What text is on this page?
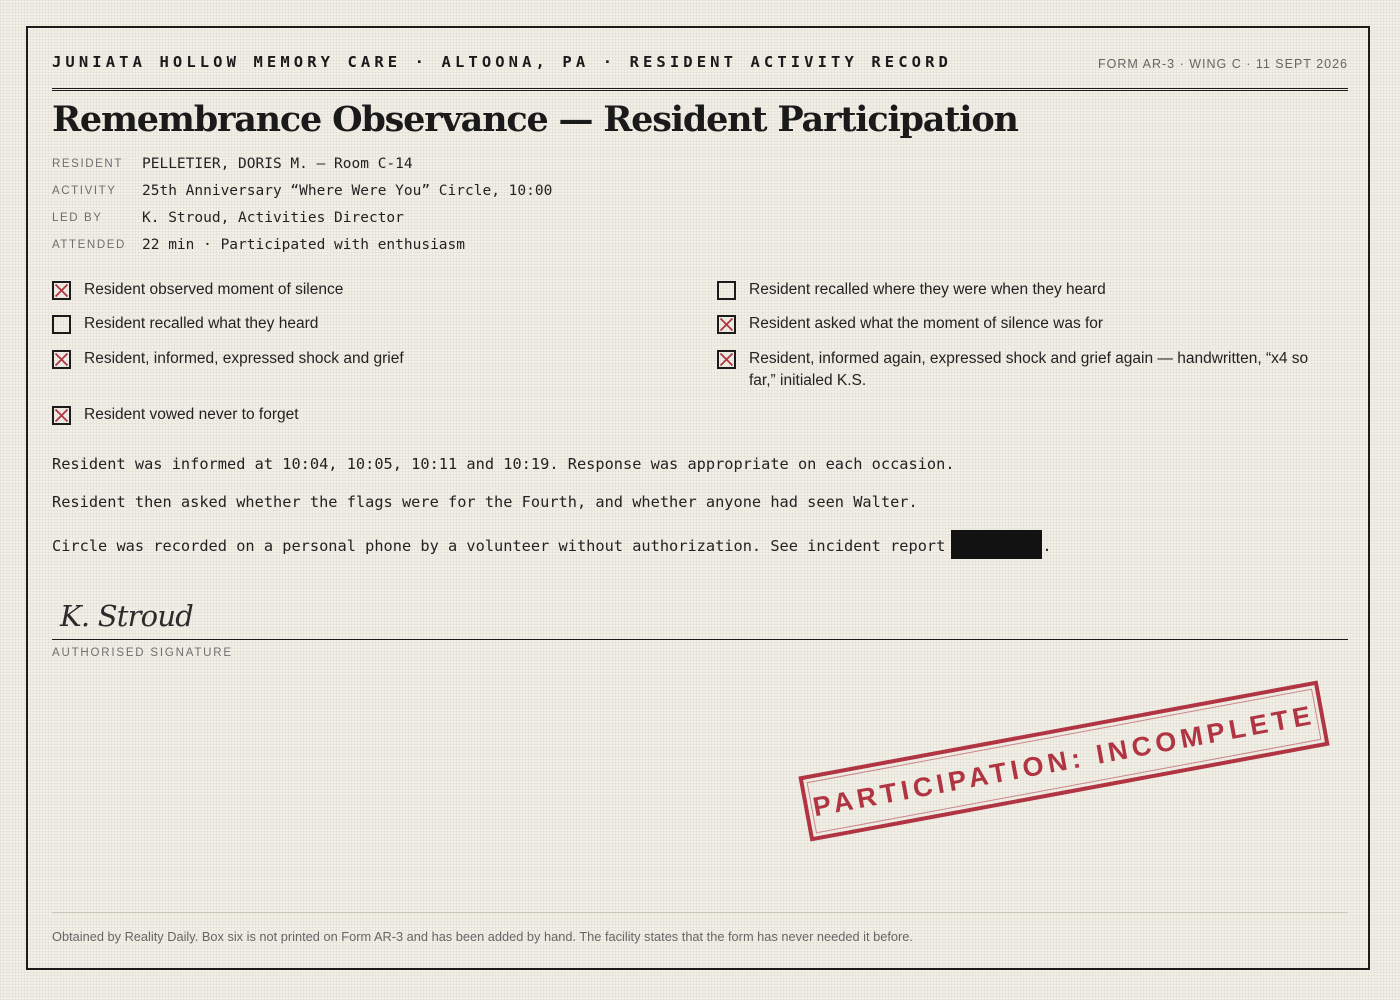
JUNIATA HOLLOW MEMORY CARE · ALTOONA, PA · RESIDENT ACTIVITY RECORD	FORM AR-3 · WING C · 11 SEPT 2026
Remembrance Observance — Resident Participation
RESIDENT	PELLETIER, DORIS M. — Room C-14
ACTIVITY	25th Anniversary “Where Were You” Circle, 10:00
LED BY	K. Stroud, Activities Director
ATTENDED	22 min · Participated with enthusiasm
Resident observed moment of silence	Resident recalled where they were when they heard
Resident recalled what they heard	Resident asked what the moment of silence was for
Resident, informed, expressed shock and grief	Resident, informed again, expressed shock and grief again — handwritten, “x4 so far,” initialed K.S.
Resident vowed never to forget
Resident was informed at 10:04, 10:05, 10:11 and 10:19. Response was appropriate on each occasion.
Resident then asked whether the flags were for the Fourth, and whether anyone had seen Walter.
Circle was recorded on a personal phone by a volunteer without authorization. See incident report	.
K. Stroud
AUTHORISED SIGNATURE
PARTICIPATION: INCOMPLETE
Obtained by Reality Daily. Box six is not printed on Form AR-3 and has been added by hand. The facility states that the form has never needed it before.
